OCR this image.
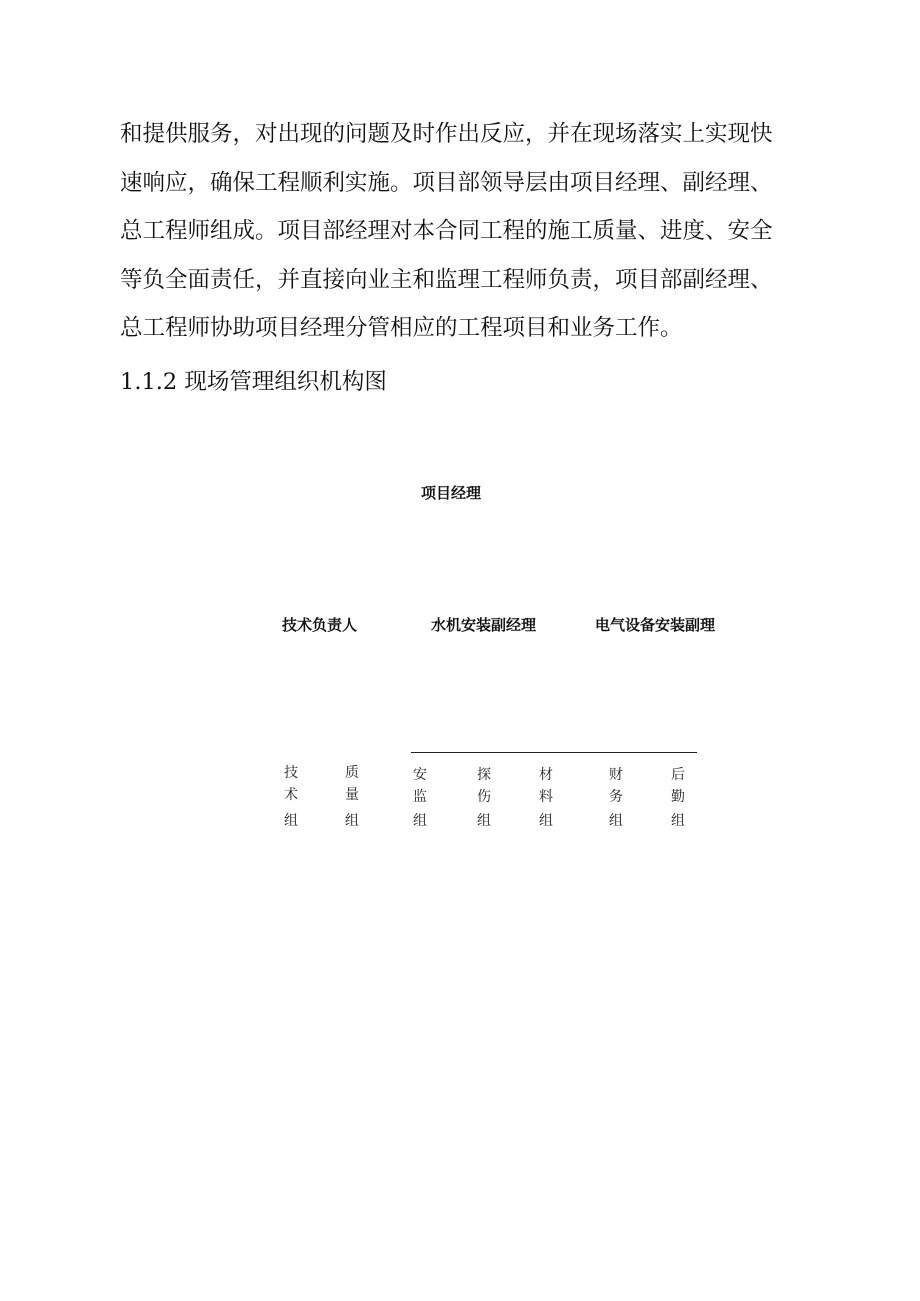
和提供服务，对出现的问题及时作出反应，并在现场落实上实现快
速响应，确保工程顺利实施。项目部领导层由项目经理、副经理、
总工程师组成。项目部经理对本合同工程的施工质量、进度、安全
等负全面责任，并直接向业主和监理工程师负责，项目部副经理、
总工程师协助项目经理分管相应的工程项目和业务工作。

1.1.2 现场管理组织机构图
项目经理
技术负责人	水机安装副经理	电气设备安装副理
技
术
组
质
量
组
安
监
组
探
伤
组
材
料
组
财
务
组
后
勤
组
